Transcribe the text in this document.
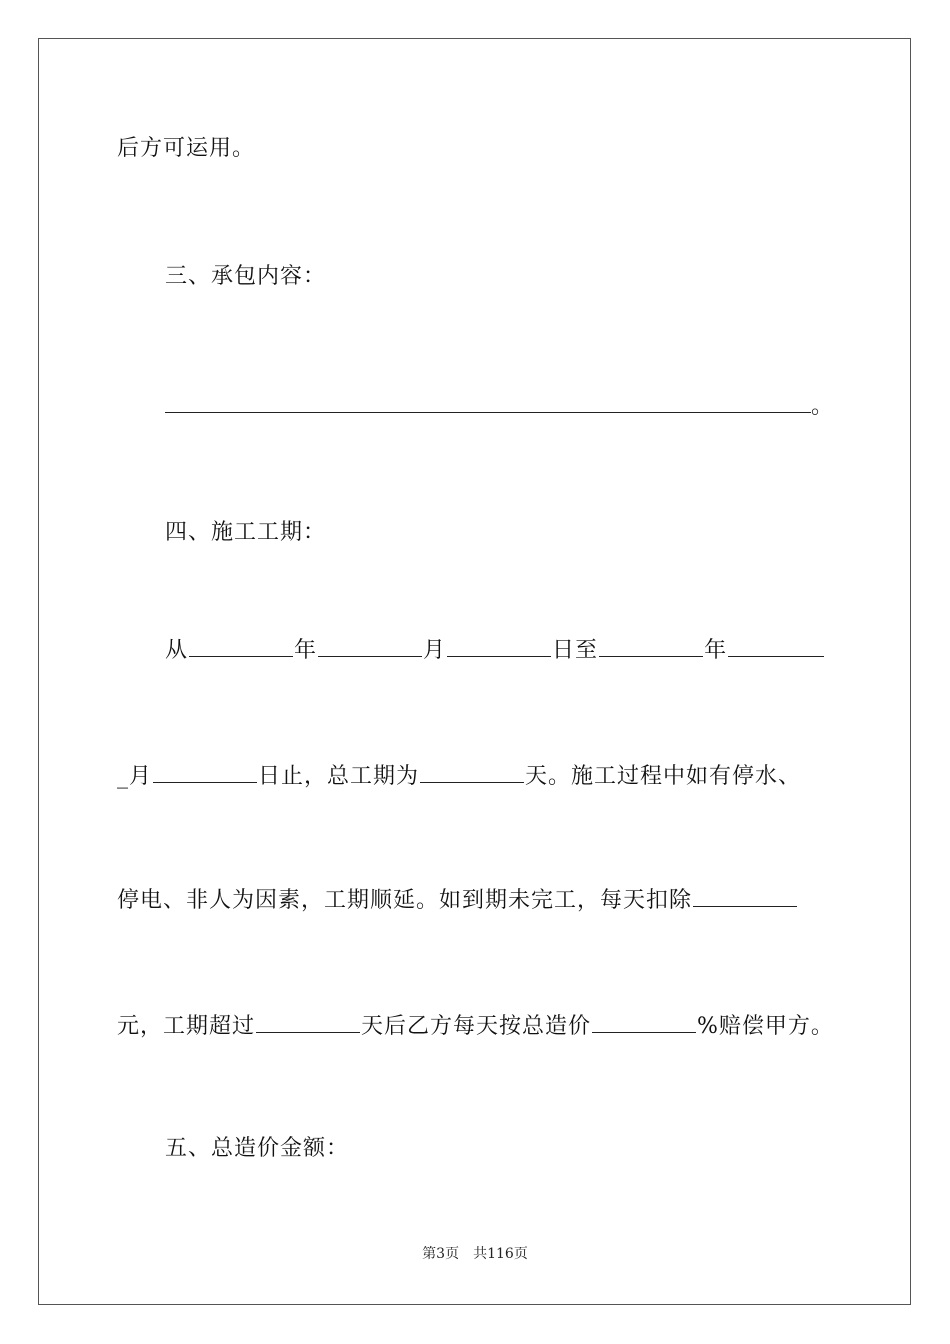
后方可运用。
三、承包内容：
。
四、施工工期：
从	年	月	日至	年
_月	日止，总工期为	天。施工过程中如有停水、
停电、非人为因素，工期顺延。如到期未完工，每天扣除
元，工期超过	天后乙方每天按总造价	%赔偿甲方。
五、总造价金额：
第3页 共116页
